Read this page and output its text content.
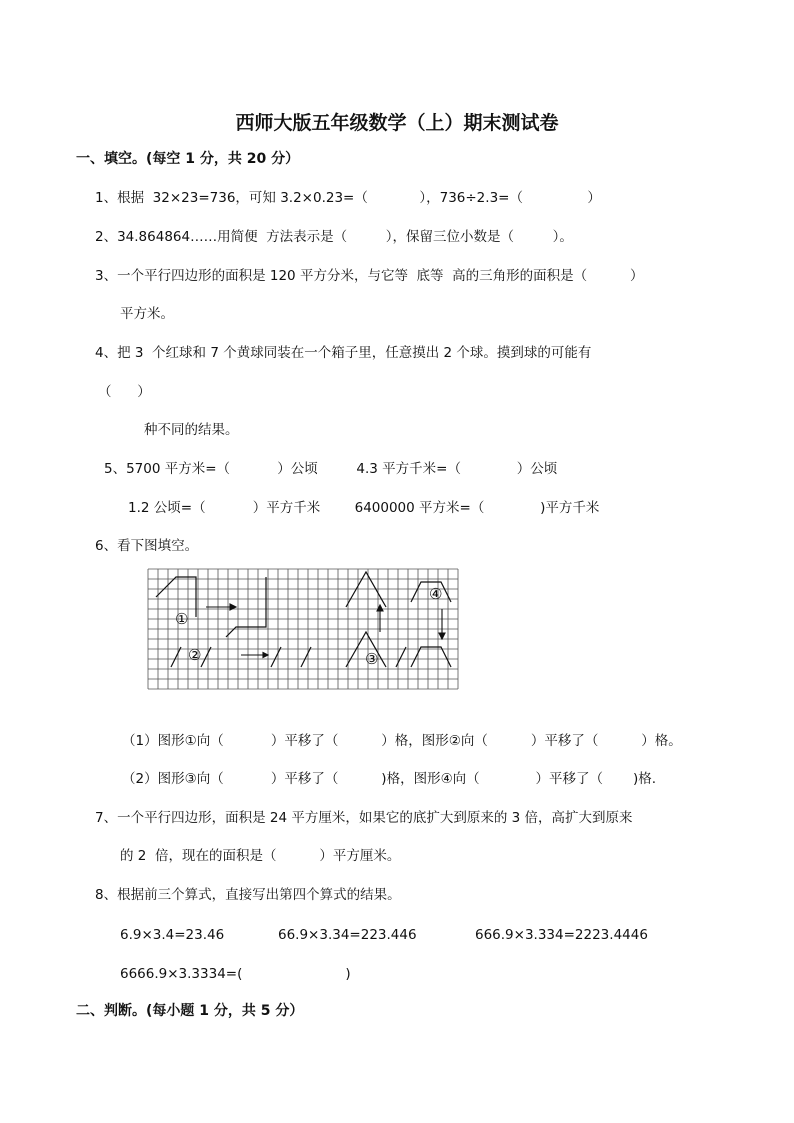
西师大版五年级数学（上）期末测试卷
一、填空。(每空 1 分，共 20 分）
1、根据  32×23=736，可知 3.2×0.23=（            ），736÷2.3=（               ）
2、34.864864……用简便  方法表示是（         ），保留三位小数是（         ）。
3、一个平行四边形的面积是 120 平方分米，与它等  底等  高的三角形的面积是（          ）
平方米。
4、把 3  个红球和 7 个黄球同装在一个箱子里，任意摸出 2 个球。摸到球的可能有
（      ）
种不同的结果。
5、5700 平方米=（           ）公顷         4.3 平方千米=（             ）公顷
1.2 公顷=（           ）平方千米        6400000 平方米=（             )平方千米
6、看下图填空。
①
②	③
④
（1）图形①向（           ）平移了（          ）格，图形②向（          ）平移了（          ）格。
（2）图形③向（           ）平移了（          )格，图形④向（             ）平移了（       )格.
7、一个平行四边形，面积是 24 平方厘米，如果它的底扩大到原来的 3 倍，高扩大到原来
的 2  倍，现在的面积是（          ）平方厘米。
8、根据前三个算式，直接写出第四个算式的结果。
6.9×3.4=23.46	66.9×3.34=223.446	666.9×3.334=2223.4446
6666.9×3.3334=(                        )
二、判断。(每小题 1 分，共 5 分）
